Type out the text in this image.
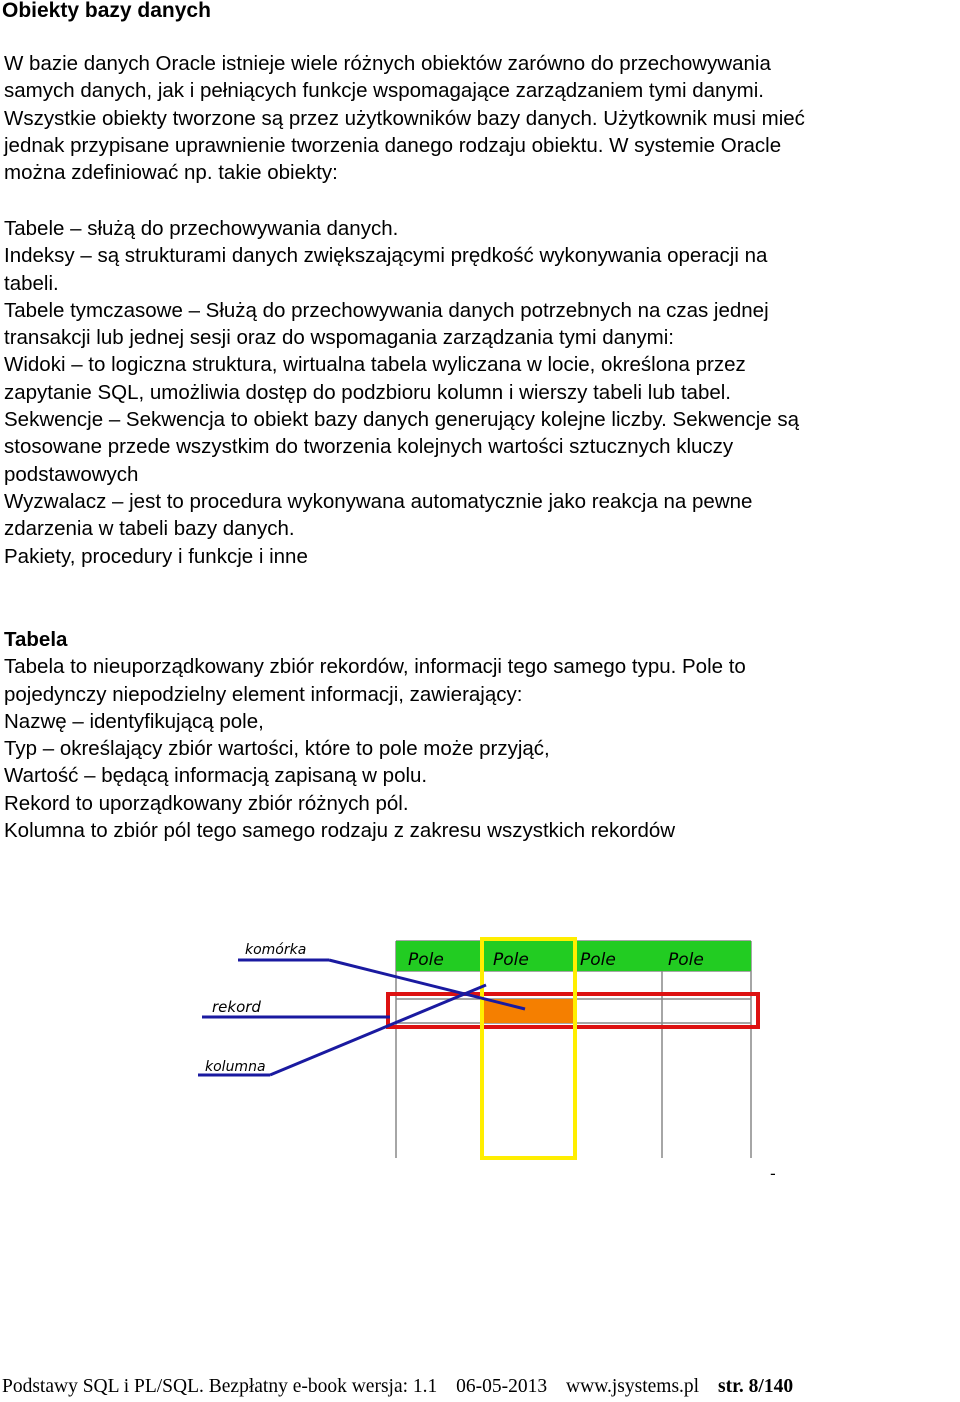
Obiekty bazy danych
W bazie danych Oracle istnieje wiele różnych obiektów zarówno do przechowywania
samych danych, jak i pełniących funkcje wspomagające zarządzaniem tymi danymi.
Wszystkie obiekty tworzone są przez użytkowników bazy danych. Użytkownik musi mieć
jednak przypisane uprawnienie tworzenia danego rodzaju obiektu. W systemie Oracle
można zdefiniować np. takie obiekty:
Tabele – służą do przechowywania danych.
Indeksy – są strukturami danych zwiększającymi prędkość wykonywania operacji na
tabeli.
Tabele tymczasowe – Służą do przechowywania danych potrzebnych na czas jednej
transakcji lub jednej sesji oraz do wspomagania zarządzania tymi danymi:
Widoki – to logiczna struktura, wirtualna tabela wyliczana w locie, określona przez
zapytanie SQL, umożliwia dostęp do podzbioru kolumn i wierszy tabeli lub tabel.
Sekwencje – Sekwencja to obiekt bazy danych generujący kolejne liczby. Sekwencje są
stosowane przede wszystkim do tworzenia kolejnych wartości sztucznych kluczy
podstawowych
Wyzwalacz – jest to procedura wykonywana automatycznie jako reakcja na pewne
zdarzenia w tabeli bazy danych.
Pakiety, procedury i funkcje i inne
Tabela
Tabela to nieuporządkowany zbiór rekordów, informacji tego samego typu. Pole to
pojedynczy niepodzielny element informacji, zawierający:
Nazwę – identyfikującą pole,
Typ – określający zbiór wartości, które to pole może przyjąć,
Wartość – będącą informacją zapisaną w polu.
Rekord to uporządkowany zbiór różnych pól.
Kolumna to zbiór pól tego samego rodzaju z zakresu wszystkich rekordów
Pole	Pole	Pole	Pole
komórka
rekord
kolumna
-
Podstawy SQL i PL/SQL. Bezpłatny e-book wersja: 1.1 06-05-2013 www.jsystems.pl str. 8/140
